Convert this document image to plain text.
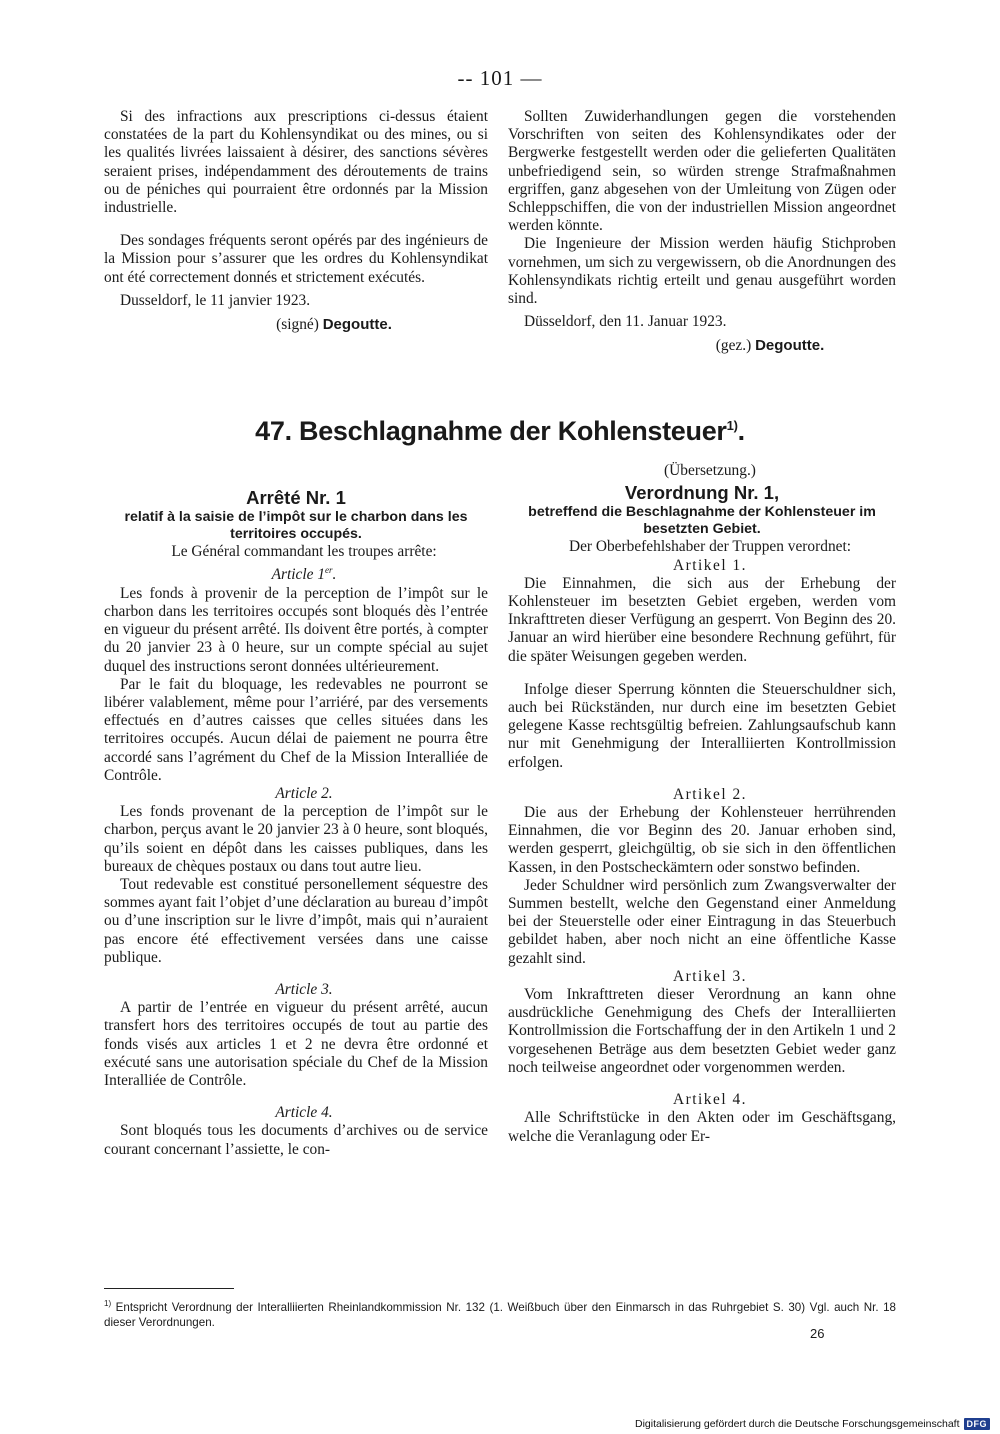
-- 101 —

Si des infractions aux prescriptions ci-dessus étaient constatées de la part du Kohlensyndikat ou des mines, ou si les qualités livrées laissaient à désirer, des sanctions sévères seraient prises, indépendamment des déroutements de trains ou de péniches qui pourraient être ordonnés par la Mission industrielle.

Des sondages fréquents seront opérés par des ingénieurs de la Mission pour s’assurer que les ordres du Kohlensyndikat ont été correctement donnés et strictement exécutés.

Dusseldorf, le 11 janvier 1923.

(signé) Degoutte.

Sollten Zuwiderhandlungen gegen die vorstehenden Vorschriften von seiten des Kohlensyndikates oder der Bergwerke festgestellt werden oder die gelieferten Qualitäten unbefriedigend sein, so würden strenge Strafmaßnahmen ergriffen, ganz abgesehen von der Umleitung von Zügen oder Schleppschiffen, die von der industriellen Mission angeordnet werden könnte.

Die Ingenieure der Mission werden häufig Stichproben vornehmen, um sich zu vergewissern, ob die Anordnungen des Kohlensyndikats richtig erteilt und genau ausgeführt worden sind.

Düsseldorf, den 11. Januar 1923.

(gez.) Degoutte.

47. Beschlagnahme der Kohlensteuer$^{1)}$.
Arrêté Nr. 1
relatif à la saisie de l’impôt sur le charbon dans les territoires occupés.

Le Général commandant les troupes arrête:

Article 1er.

Les fonds à provenir de la perception de l’impôt sur le charbon dans les territoires occupés sont bloqués dès l’entrée en vigueur du présent arrêté. Ils doivent être portés, à compter du 20 janvier 23 à 0 heure, sur un compte spécial au sujet duquel des instructions seront données ultérieurement.

Par le fait du bloquage, les redevables ne pourront se libérer valablement, même pour l’arriéré, par des versements effectués en d’autres caisses que celles situées dans les territoires occupés. Aucun délai de paiement ne pourra être accordé sans l’agrément du Chef de la Mission Interalliée de Contrôle.

Article 2.

Les fonds provenant de la perception de l’impôt sur le charbon, perçus avant le 20 janvier 23 à 0 heure, sont bloqués, qu’ils soient en dépôt dans les caisses publiques, dans les bureaux de chèques postaux ou dans tout autre lieu.

Tout redevable est constitué personellement séquestre des sommes ayant fait l’objet d’une déclaration au bureau d’impôt ou d’une inscription sur le livre d’impôt, mais qui n’auraient pas encore été effectivement versées dans une caisse publique.

Article 3.

A partir de l’entrée en vigueur du présent arrêté, aucun transfert hors des territoires occupés de tout au partie des fonds visés aux articles 1 et 2 ne devra être ordonné et exécuté sans une autorisation spéciale du Chef de la Mission Interalliée de Contrôle.

Article 4.

Sont bloqués tous les documents d’archives ou de service courant concernant l’assiette, le con-

(Übersetzung.)

Verordnung Nr. 1,
betreffend die Beschlagnahme der Kohlensteuer im besetzten Gebiet.

Der Oberbefehlshaber der Truppen verordnet:

Artikel 1.

Die Einnahmen, die sich aus der Erhebung der Kohlensteuer im besetzten Gebiet ergeben, werden vom Inkrafttreten dieser Verfügung an gesperrt. Von Beginn des 20. Januar an wird hierüber eine besondere Rechnung geführt, für die später Weisungen gegeben werden.

Infolge dieser Sperrung könnten die Steuerschuldner sich, auch bei Rückständen, nur durch eine im besetzten Gebiet gelegene Kasse rechtsgültig befreien. Zahlungsaufschub kann nur mit Genehmigung der Interalliierten Kontrollmission erfolgen.

Artikel 2.

Die aus der Erhebung der Kohlensteuer herrührenden Einnahmen, die vor Beginn des 20. Januar erhoben sind, werden gesperrt, gleichgültig, ob sie sich in den öffentlichen Kassen, in den Postscheckämtern oder sonstwo befinden.

Jeder Schuldner wird persönlich zum Zwangsverwalter der Summen bestellt, welche den Gegenstand einer Anmeldung bei der Steuerstelle oder einer Eintragung in das Steuerbuch gebildet haben, aber noch nicht an eine öffentliche Kasse gezahlt sind.

Artikel 3.

Vom Inkrafttreten dieser Verordnung an kann ohne ausdrückliche Genehmigung des Chefs der Interalliierten Kontrollmission die Fortschaffung der in den Artikeln 1 und 2 vorgesehenen Beträge aus dem besetzten Gebiet weder ganz noch teilweise angeordnet oder vorgenommen werden.

Artikel 4.

Alle Schriftstücke in den Akten oder im Geschäftsgang, welche die Veranlagung oder Er-

$^{1)}$ Entspricht Verordnung der Interalliierten Rheinlandkommission Nr. 132 (1. Weißbuch über den Einmarsch in das Ruhrgebiet S. 30) Vgl. auch Nr. 18 dieser Verordnungen.
26
Digitalisierung gefördert durch die Deutsche Forschungsgemeinschaft DFG
